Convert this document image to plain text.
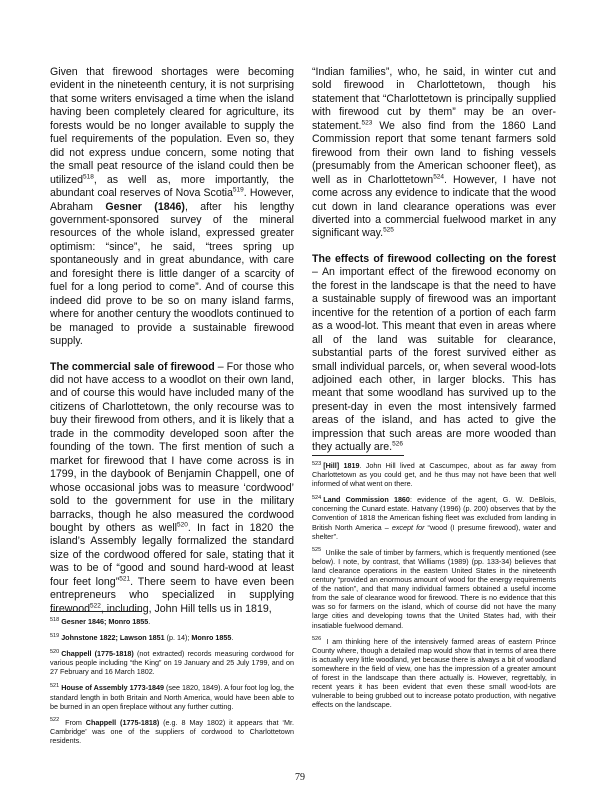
Given that firewood shortages were becoming evident in the nineteenth century, it is not surprising that some writers envisaged a time when the island having been completely cleared for agriculture, its forests would be no longer available to supply the fuel requirements of the population. Even so, they did not express undue concern, some noting that the small peat resource of the island could then be utilized$^{518}$, as well as, more importantly, the abundant coal reserves of Nova Scotia$^{519}$. However, Abraham Gesner (1846), after his lengthy government-sponsored survey of the mineral resources of the whole island, expressed greater optimism: “since”, he said, “trees spring up spontaneously and in great abundance, with care and foresight there is little danger of a scarcity of fuel for a long period to come”. And of course this indeed did prove to be so on many island farms, where for another century the woodlots continued to be managed to provide a sustainable firewood supply.

The commercial sale of firewood – For those who did not have access to a woodlot on their own land, and of course this would have included many of the citizens of Charlottetown, the only recourse was to buy their firewood from others, and it is likely that a trade in the commodity developed soon after the founding of the town. The first mention of such a market for firewood that I have come across is in 1799, in the daybook of Benjamin Chappell, one of whose occasional jobs was to measure ‘cordwood’ sold to the government for use in the military barracks, though he also measured the cordwood bought by others as well$^{520}$. In fact in 1820 the island’s Assembly legally formalized the standard size of the cordwood offered for sale, stating that it was to be of “good and sound hard-wood at least four feet long”$^{521}$. There seem to have even been entrepreneurs who specialized in supplying firewood$^{522}$, including, John Hill tells us in 1819,

“Indian families”, who, he said, in winter cut and sold firewood in Charlottetown, though his statement that “Charlottetown is principally supplied with firewood cut by them” may be an over-statement.$^{523}$ We also find from the 1860 Land Commission report that some tenant farmers sold firewood from their own land to fishing vessels (presumably from the American schooner fleet), as well as in Charlottetown$^{524}$. However, I have not come across any evidence to indicate that the wood cut down in land clearance operations was ever diverted into a commercial fuelwood market in any significant way.$^{525}$

The effects of firewood collecting on the forest – An important effect of the firewood economy on the forest in the landscape is that the need to have a sustainable supply of firewood was an important incentive for the retention of a portion of each farm as a wood-lot. This meant that even in areas where all of the land was suitable for clearance, substantial parts of the forest survived either as small individual parcels, or, when several wood-lots adjoined each other, in larger blocks. This has meant that some woodland has survived up to the present-day in even the most intensively farmed areas of the island, and has acted to give the impression that such areas are more wooded than they actually are.$^{526}$

$^{518}$ Gesner 1846; Monro 1855.

$^{519}$ Johnstone 1822; Lawson 1851 (p. 14); Monro 1855.

$^{520}$ Chappell (1775-1818) (not extracted) records measuring cordwood for various people including “the King” on 19 January and 25 July 1799, and on 27 February and 16 March 1802.

$^{521}$ House of Assembly 1773-1849 (see 1820, 1849). A four foot log log, the standard length in both Britain and North America, would have been able to be burned in an open fireplace without any further cutting.

$^{522}$ From Chappell (1775-1818) (e.g. 8 May 1802) it appears that ‘Mr. Cambridge’ was one of the suppliers of cordwood to Charlottetown residents.

$^{523}$ [Hill] 1819. John Hill lived at Cascumpec, about as far away from Charlottetown as you could get, and he thus may not have been that well informed of what went on there.

$^{524}$ Land Commission 1860: evidence of the agent, G. W. DeBlois, concerning the Cunard estate. Hatvany (1996) (p. 200) observes that by the Convention of 1818 the American fishing fleet was excluded from landing in British North America – except for “wood (I presume firewood), water and shelter”.

$^{525}$ Unlike the sale of timber by farmers, which is frequently mentioned (see below). I note, by contrast, that Williams (1989) (pp. 133-34) believes that land clearance operations in the eastern United States in the nineteenth century “provided an enormous amount of wood for the energy requirements of the nation”, and that many individual farmers obtained a useful income from the sale of clearance wood for firewood. There is no evidence that this was so for farmers on the island, which of course did not have the many large cities and developing towns that the United States had, with their insatiable fuelwood demand.

$^{526}$ I am thinking here of the intensively farmed areas of eastern Prince County where, though a detailed map would show that in terms of area there is actually very little woodland, yet because there is always a bit of woodland somewhere in the field of view, one has the impression of a greater amount of forest in the landscape than there actually is. However, regrettably, in recent years it has been evident that even these small wood-lots are vulnerable to being grubbed out to increase potato production, with negative effects on the landscape.

79
